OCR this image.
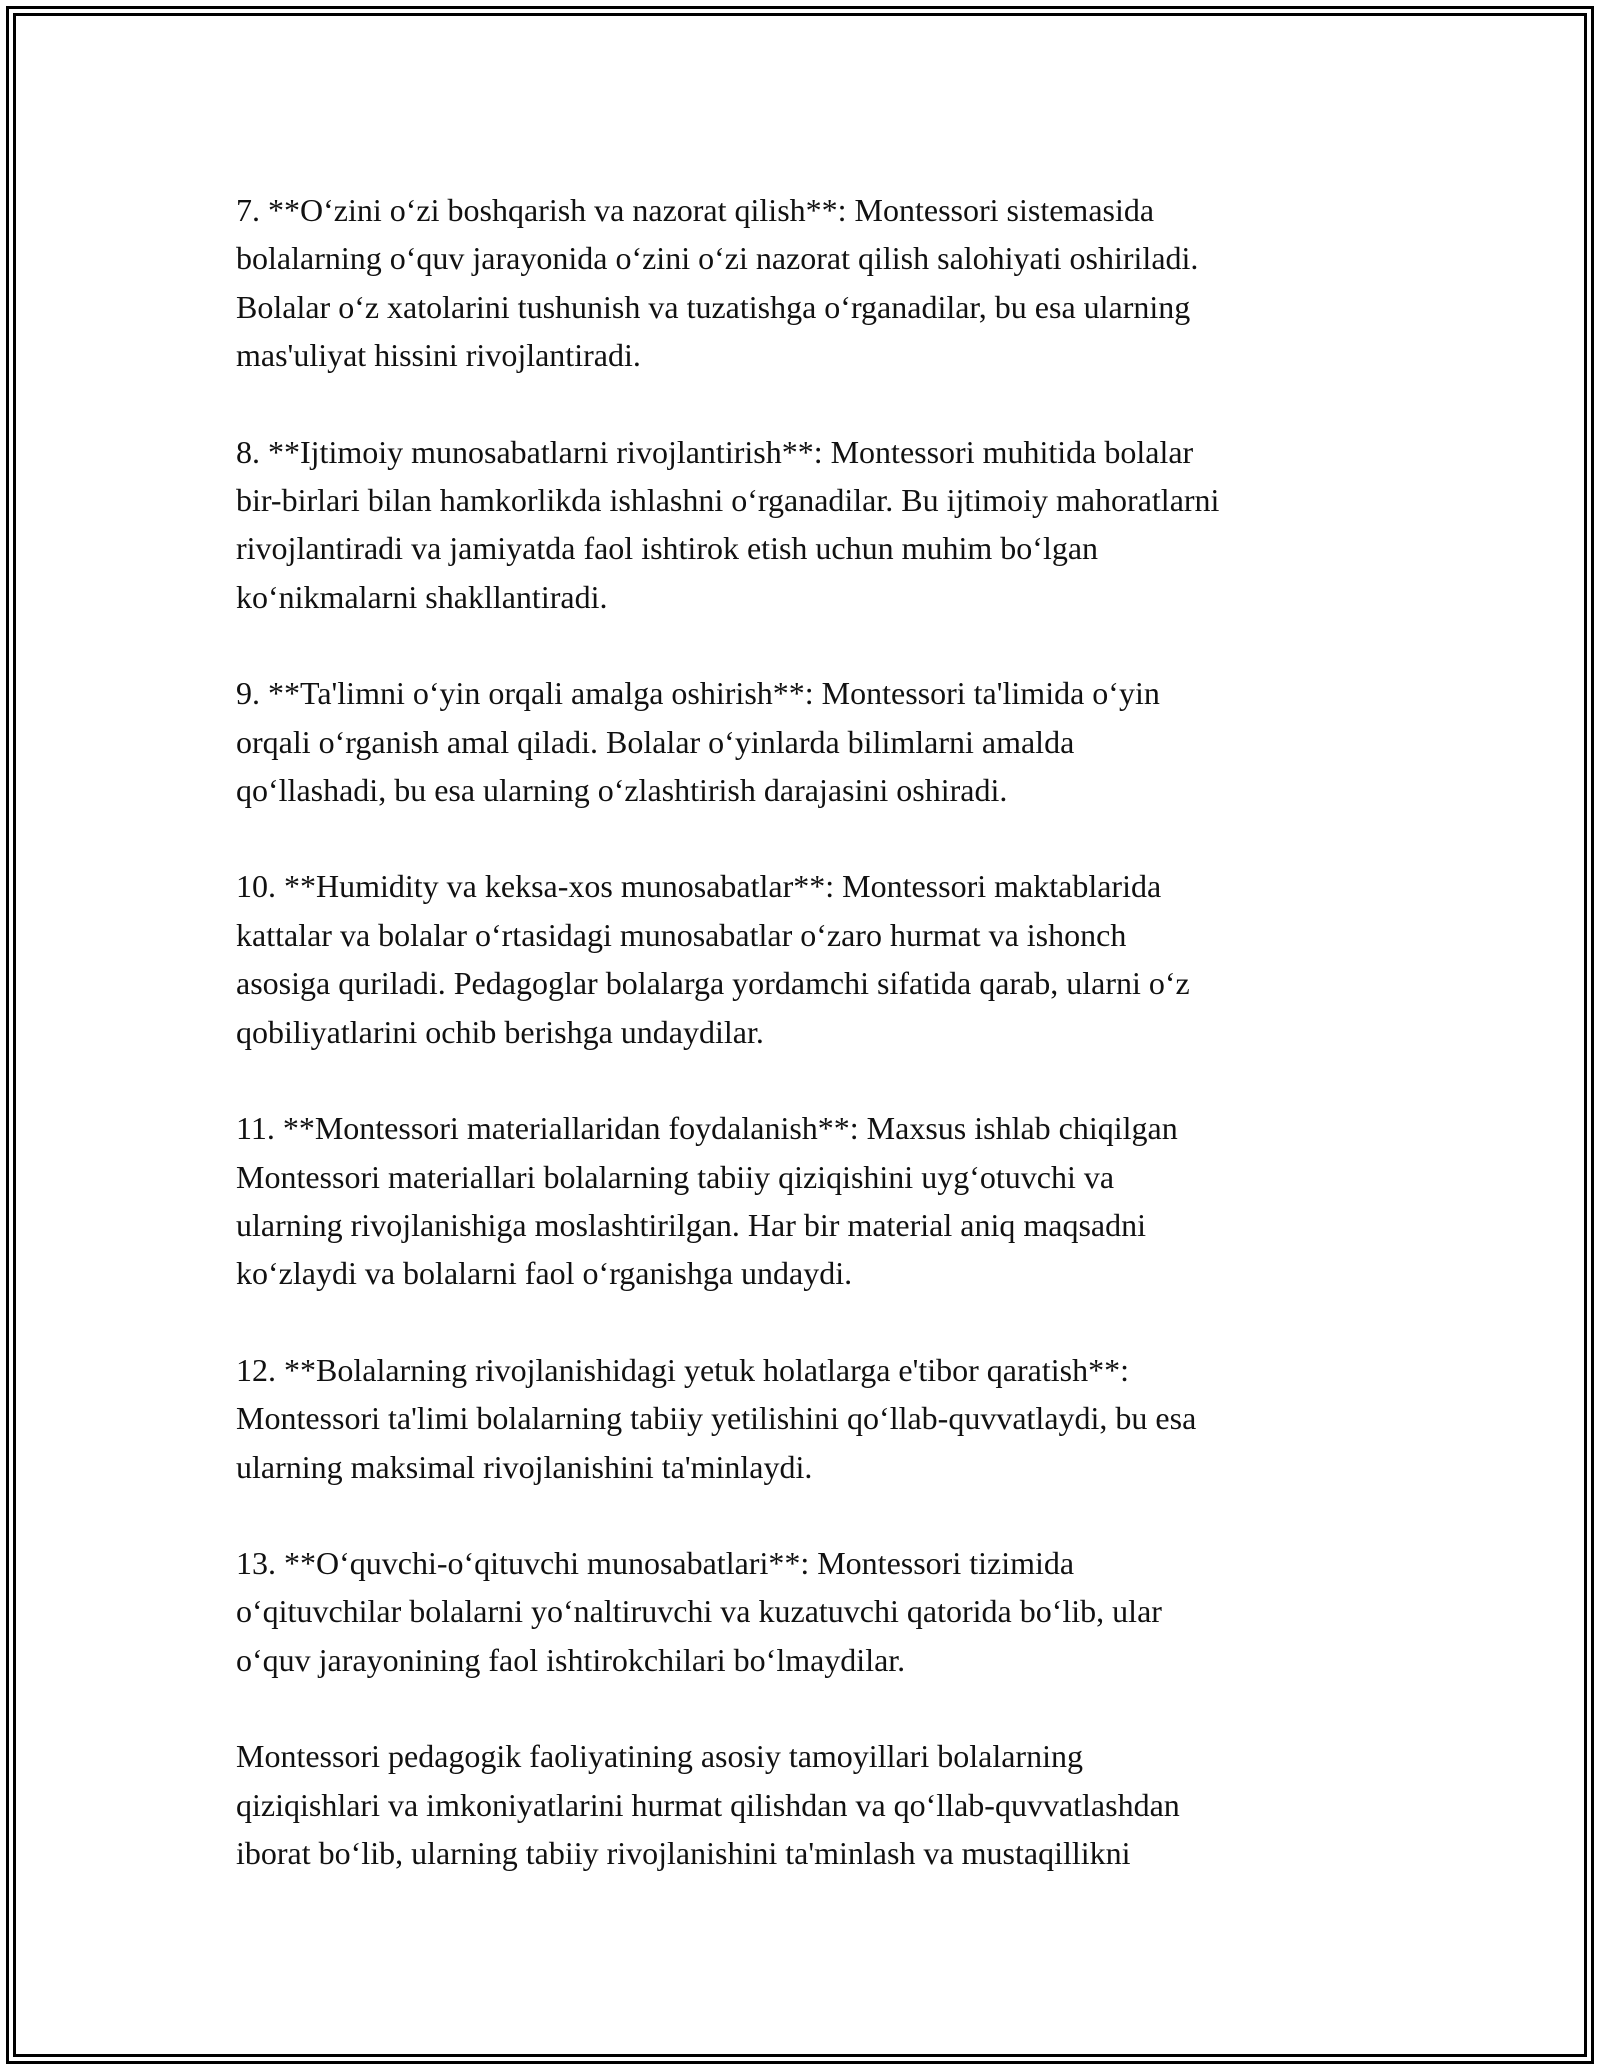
7. **O‘zini o‘zi boshqarish va nazorat qilish**: Montessori sistemasida
bolalarning o‘quv jarayonida o‘zini o‘zi nazorat qilish salohiyati oshiriladi.
Bolalar o‘z xatolarini tushunish va tuzatishga o‘rganadilar, bu esa ularning
mas'uliyat hissini rivojlantiradi.

8. **Ijtimoiy munosabatlarni rivojlantirish**: Montessori muhitida bolalar
bir-birlari bilan hamkorlikda ishlashni o‘rganadilar. Bu ijtimoiy mahoratlarni
rivojlantiradi va jamiyatda faol ishtirok etish uchun muhim bo‘lgan
ko‘nikmalarni shakllantiradi.

9. **Ta'limni o‘yin orqali amalga oshirish**: Montessori ta'limida o‘yin
orqali o‘rganish amal qiladi. Bolalar o‘yinlarda bilimlarni amalda
qo‘llashadi, bu esa ularning o‘zlashtirish darajasini oshiradi.

10. **Humidity va keksa-xos munosabatlar**: Montessori maktablarida
kattalar va bolalar o‘rtasidagi munosabatlar o‘zaro hurmat va ishonch
asosiga quriladi. Pedagoglar bolalarga yordamchi sifatida qarab, ularni o‘z
qobiliyatlarini ochib berishga undaydilar.

11. **Montessori materiallaridan foydalanish**: Maxsus ishlab chiqilgan
Montessori materiallari bolalarning tabiiy qiziqishini uyg‘otuvchi va
ularning rivojlanishiga moslashtirilgan. Har bir material aniq maqsadni
ko‘zlaydi va bolalarni faol o‘rganishga undaydi.

12. **Bolalarning rivojlanishidagi yetuk holatlarga e'tibor qaratish**:
Montessori ta'limi bolalarning tabiiy yetilishini qo‘llab-quvvatlaydi, bu esa
ularning maksimal rivojlanishini ta'minlaydi.

13. **O‘quvchi-o‘qituvchi munosabatlari**: Montessori tizimida
o‘qituvchilar bolalarni yo‘naltiruvchi va kuzatuvchi qatorida bo‘lib, ular
o‘quv jarayonining faol ishtirokchilari bo‘lmaydilar.

Montessori pedagogik faoliyatining asosiy tamoyillari bolalarning
qiziqishlari va imkoniyatlarini hurmat qilishdan va qo‘llab-quvvatlashdan
iborat bo‘lib, ularning tabiiy rivojlanishini ta'minlash va mustaqillikni
